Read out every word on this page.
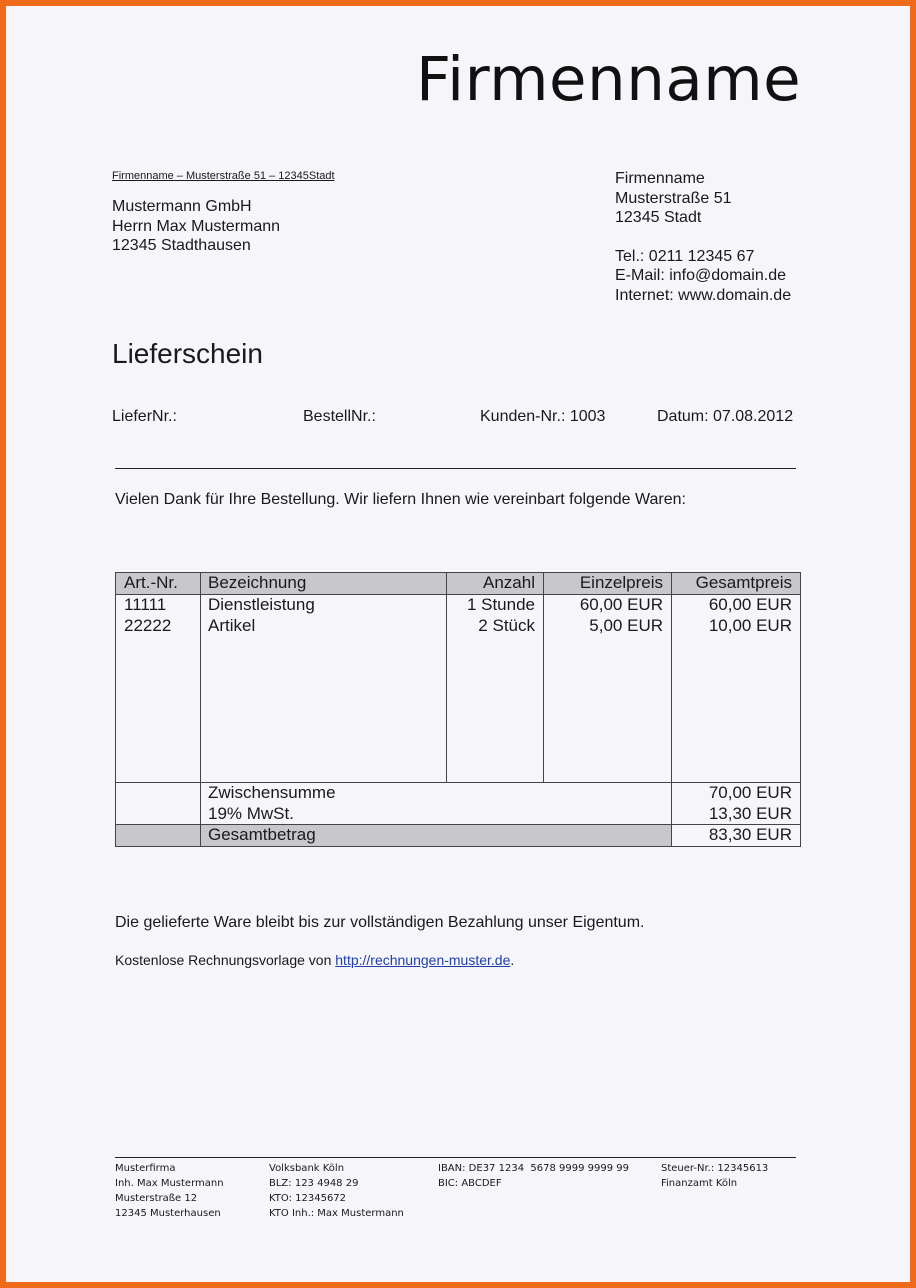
Firmenname
Firmenname – Musterstraße 51 – 12345Stadt
Mustermann GmbH
Herrn Max Mustermann
12345 Stadthausen
Firmenname
Musterstraße 51
12345 Stadt
Tel.: 0211 12345 67
E-Mail: info@domain.de
Internet: www.domain.de
Lieferschein
LieferNr.:	BestellNr.:	Kunden-Nr.: 1003	Datum: 07.08.2012
Vielen Dank für Ihre Bestellung. Wir liefern Ihnen wie vereinbart folgende Waren:
Art.-Nr. Bezeichnung	Anzahl	Einzelpreis	Gesamtpreis
11111 Dienstleistung	1 Stunde	60,00 EUR	60,00 EUR
22222 Artikel	2 Stück	5,00 EUR	10,00 EUR
Zwischensumme	70,00 EUR
19% MwSt.	13,30 EUR
Gesamtbetrag	83,30 EUR
Die gelieferte Ware bleibt bis zur vollständigen Bezahlung unser Eigentum.
Kostenlose Rechnungsvorlage von http://rechnungen-muster.de.
Musterfirma
Inh. Max Mustermann
Musterstraße 12
12345 Musterhausen
Volksbank Köln
BLZ: 123 4948 29
KTO: 12345672
KTO Inh.: Max Mustermann
IBAN: DE37 1234  5678 9999 9999 99
BIC: ABCDEF
Steuer-Nr.: 12345613
Finanzamt Köln
